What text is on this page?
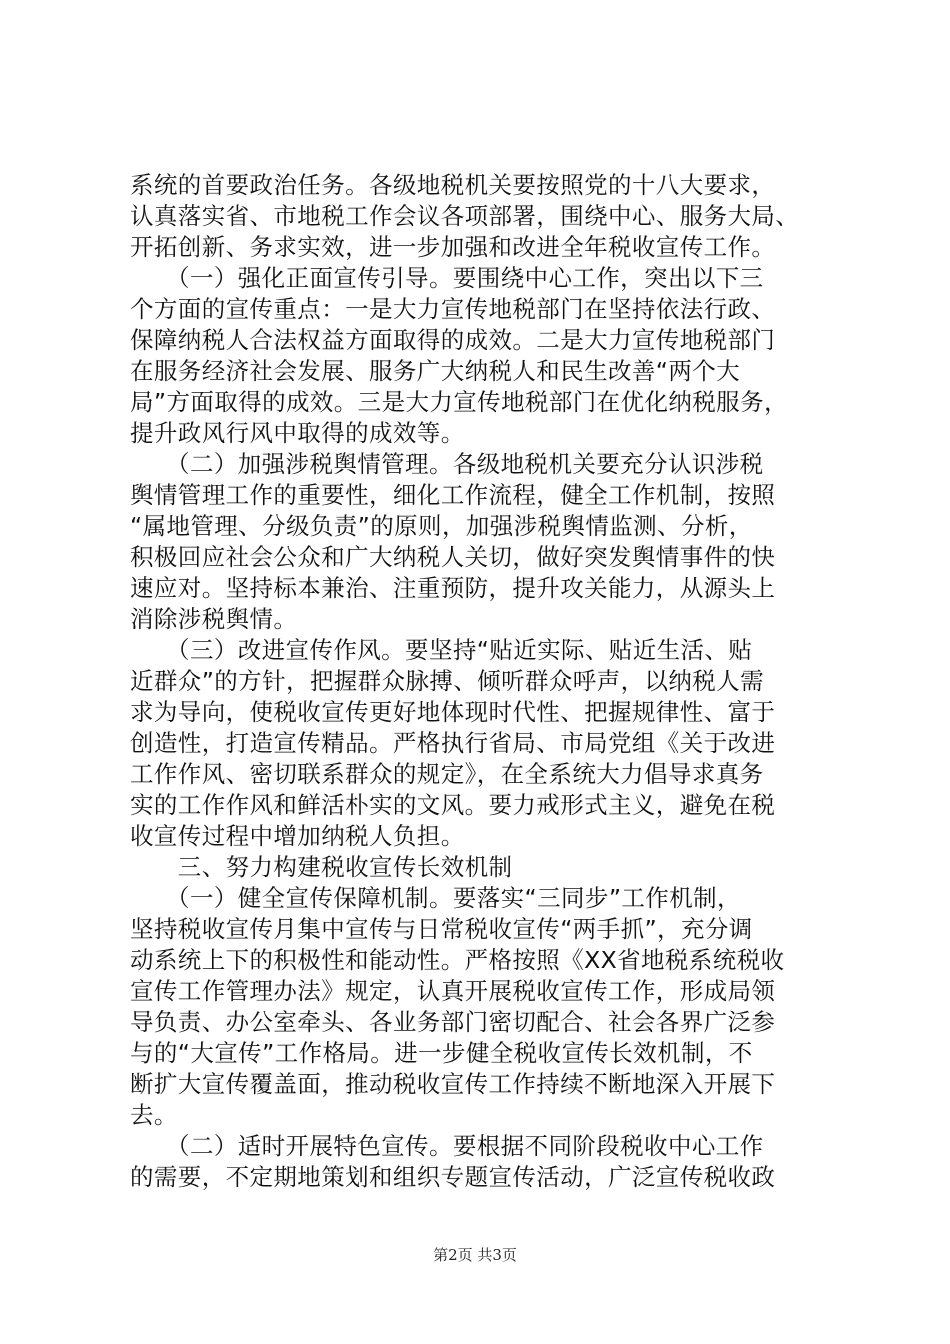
系统的首要政治任务。各级地税机关要按照党的十八大要求，
认真落实省、市地税工作会议各项部署，围绕中心、服务大局、
开拓创新、务求实效，进一步加强和改进全年税收宣传工作。
　　（一）强化正面宣传引导。要围绕中心工作，突出以下三
个方面的宣传重点：一是大力宣传地税部门在坚持依法行政、
保障纳税人合法权益方面取得的成效。二是大力宣传地税部门
在服务经济社会发展、服务广大纳税人和民生改善“两个大
局”方面取得的成效。三是大力宣传地税部门在优化纳税服务，
提升政风行风中取得的成效等。
　　（二）加强涉税舆情管理。各级地税机关要充分认识涉税
舆情管理工作的重要性，细化工作流程，健全工作机制，按照
“属地管理、分级负责”的原则，加强涉税舆情监测、分析，
积极回应社会公众和广大纳税人关切，做好突发舆情事件的快
速应对。坚持标本兼治、注重预防，提升攻关能力，从源头上
消除涉税舆情。
　　（三）改进宣传作风。要坚持“贴近实际、贴近生活、贴
近群众”的方针，把握群众脉搏、倾听群众呼声，以纳税人需
求为导向，使税收宣传更好地体现时代性、把握规律性、富于
创造性，打造宣传精品。严格执行省局、市局党组《关于改进
工作作风、密切联系群众的规定》，在全系统大力倡导求真务
实的工作作风和鲜活朴实的文风。要力戒形式主义，避免在税
收宣传过程中增加纳税人负担。
　　三、努力构建税收宣传长效机制
　　（一）健全宣传保障机制。要落实“三同步”工作机制，
坚持税收宣传月集中宣传与日常税收宣传“两手抓”，充分调
动系统上下的积极性和能动性。严格按照《XX省地税系统税收
宣传工作管理办法》规定，认真开展税收宣传工作，形成局领
导负责、办公室牵头、各业务部门密切配合、社会各界广泛参
与的“大宣传”工作格局。进一步健全税收宣传长效机制，不
断扩大宣传覆盖面，推动税收宣传工作持续不断地深入开展下
去。
　　（二）适时开展特色宣传。要根据不同阶段税收中心工作
的需要，不定期地策划和组织专题宣传活动，广泛宣传税收政
第2页 共3页
